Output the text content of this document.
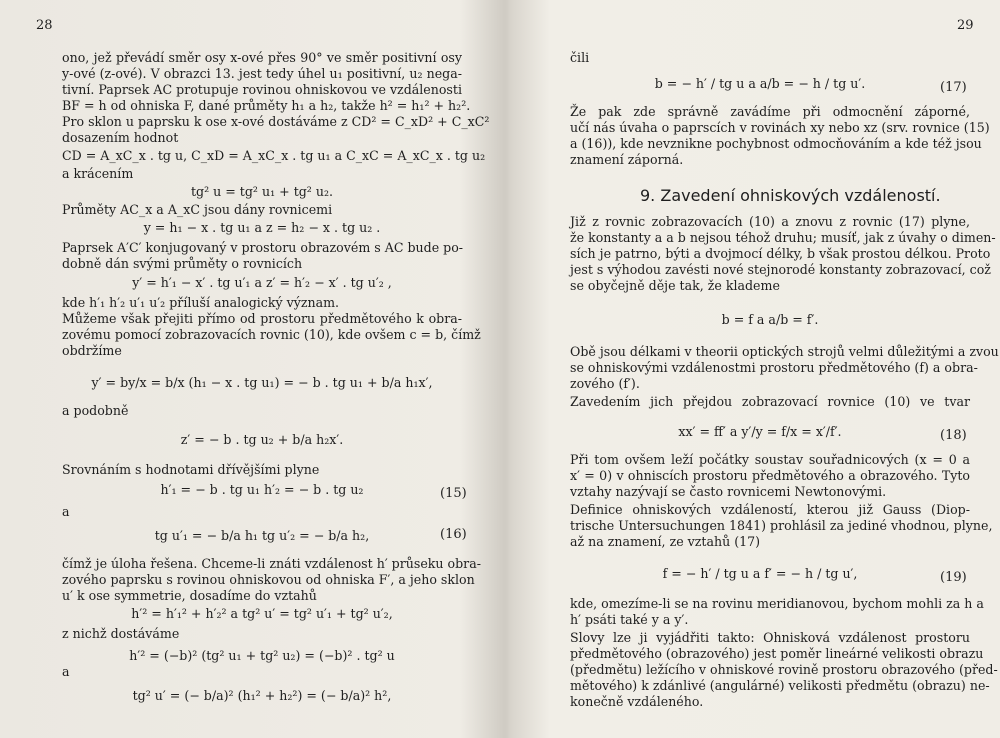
28
ono, jež převádí směr osy x-ové přes 90° ve směr positivní osy
y-ové (z-ové). V obrazci 13. jest tedy úhel u₁ positivní, u₂ nega-
tivní. Paprsek AC protupuje rovinou ohniskovou ve vzdálenosti
BF = h od ohniska F, dané průměty h₁ a h₂, takže h² = h₁² + h₂².
Pro sklon u paprsku k ose x-ové dostáváme z CD² = C_xD² + C_xC²
dosazením hodnot
CD = A_xC_x . tg u, C_xD = A_xC_x . tg u₁ a C_xC = A_xC_x . tg u₂
a krácením
tg² u = tg² u₁ + tg² u₂.
Průměty AC_x a A_xC jsou dány rovnicemi
y = h₁ − x . tg u₁ a z = h₂ − x . tg u₂ .
Paprsek A′C′ konjugovaný v prostoru obrazovém s AC bude po-
dobně dán svými průměty o rovnicích
y′ = h′₁ − x′ . tg u′₁ a z′ = h′₂ − x′ . tg u′₂ ,
kde h′₁ h′₂ u′₁ u′₂ příluší analogický význam.
Můžeme však přejiti přímo od prostoru předmětového k obra-
zovému pomocí zobrazovacích rovnic (10), kde ovšem c = b, čímž
obdržíme
y′ = by/x = b/x (h₁ − x . tg u₁) = − b . tg u₁ + b/a h₁x′,
a podobně
z′ = − b . tg u₂ + b/a h₂x′.
Srovnáním s hodnotami dřívějšími plyne
h′₁ = − b . tg u₁ h′₂ = − b . tg u₂
a
tg u′₁ = − b/a h₁ tg u′₂ = − b/a h₂,
čímž je úloha řešena. Chceme-li znáti vzdálenost h′ průseku obra-
zového paprsku s rovinou ohniskovou od ohniska F′, a jeho sklon
u′ k ose symmetrie, dosadíme do vztahů
h′² = h′₁² + h′₂² a tg² u′ = tg² u′₁ + tg² u′₂,
z nichž dostáváme
h′² = (−b)² (tg² u₁ + tg² u₂) = (−b)² . tg² u
a
tg² u′ = (− b/a)² (h₁² + h₂²) = (− b/a)² h²,
(15)
(16)
29
9. Zavedení ohniskových vzdáleností.
čili
b = − h′ / tg u a a/b = − h / tg u′.
Že pak zde správně zavádíme při odmocnění záporné,
učí nás úvaha o paprscích v rovinách xy nebo xz (srv. rovnice (15)
a (16)), kde nevznikne pochybnost odmocňováním a kde též jsou
znamení záporná.
Již z rovnic zobrazovacích (10) a znovu z rovnic (17) plyne,
že konstanty a a b nejsou téhož druhu; musíť, jak z úvahy o dimen-
sích je patrno, býti a dvojmocí délky, b však prostou délkou. Proto
jest s výhodou zavésti nové stejnorodé konstanty zobrazovací, což
se obyčejně děje tak, že klademe
b = f a a/b = f′.
Obě jsou délkami v theorii optických strojů velmi důležitými a zvou
se ohniskovými vzdálenostmi prostoru předmětového (f) a obra-
zového (f′).
Zavedením jich přejdou zobrazovací rovnice (10) ve tvar
xx′ = ff′ a y′/y = f/x = x′/f′.
Při tom ovšem leží počátky soustav souřadnicových (x = 0 a
x′ = 0) v ohniscích prostoru předmětového a obrazového. Tyto
vztahy nazývají se často rovnicemi Newtonovými.
Definice ohniskových vzdáleností, kterou již Gauss (Diop-
trische Untersuchungen 1841) prohlásil za jediné vhodnou, plyne,
až na znamení, ze vztahů (17)
f = − h′ / tg u a f′ = − h / tg u′,
kde, omezíme-li se na rovinu meridianovou, bychom mohli za h a
h′ psáti také y a y′.
Slovy lze ji vyjádřiti takto: Ohnisková vzdálenost prostoru
předmětového (obrazového) jest poměr lineárné velikosti obrazu
(předmětu) ležícího v ohniskové rovině prostoru obrazového (před-
mětového) k zdánlivé (angulárné) velikosti předmětu (obrazu) ne-
konečně vzdáleného.
(17)
(18)
(19)
